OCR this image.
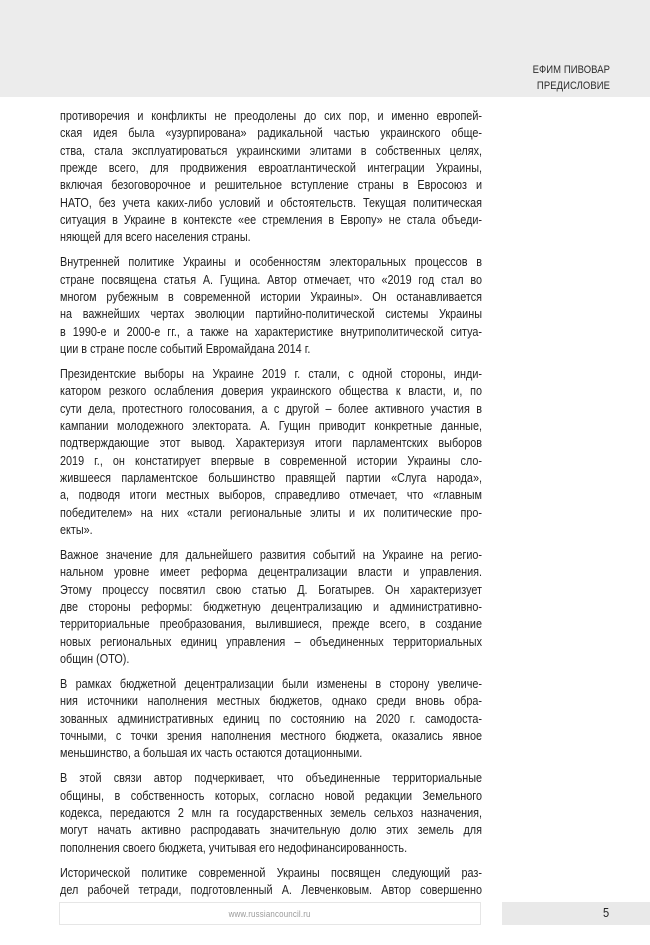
ЕФИМ ПИВОВАР
ПРЕДИСЛОВИЕ

противоречия и конфликты не преодолены до сих пор, и именно европей-
ская идея была «узурпирована» радикальной частью украинского обще-
ства, стала эксплуатироваться украинскими элитами в собственных целях,
прежде всего, для продвижения евроатлантической интеграции Украины,
включая безоговорочное и решительное вступление страны в Евросоюз и
НАТО, без учета каких-либо условий и обстоятельств. Текущая политическая
ситуация в Украине в контексте «ее стремления в Европу» не стала объеди-
няющей для всего населения страны.

Внутренней политике Украины и особенностям электоральных процессов в
стране посвящена статья А. Гущина. Автор отмечает, что «2019 год стал во
многом рубежным в современной истории Украины». Он останавливается
на важнейших чертах эволюции партийно-политической системы Украины
в 1990-е и 2000-е гг., а также на характеристике внутриполитической ситуа-
ции в стране после событий Евромайдана 2014 г.

Президентские выборы на Украине 2019 г. стали, с одной стороны, инди-
катором резкого ослабления доверия украинского общества к власти, и, по
сути дела, протестного голосования, а с другой – более активного участия в
кампании молодежного электората. А. Гущин приводит конкретные данные,
подтверждающие этот вывод. Характеризуя итоги парламентских выборов
2019 г., он констатирует впервые в современной истории Украины сло-
жившееся парламентское большинство правящей партии «Слуга народа»,
а, подводя итоги местных выборов, справедливо отмечает, что «главным
победителем» на них «стали региональные элиты и их политические про-
екты».

Важное значение для дальнейшего развития событий на Украине на регио-
нальном уровне имеет реформа децентрализации власти и управления.
Этому процессу посвятил свою статью Д. Богатырев. Он характеризует
две стороны реформы: бюджетную децентрализацию и административно-
территориальные преобразования, вылившиеся, прежде всего, в создание
новых региональных единиц управления – объединенных территориальных
общин (ОТО).

В рамках бюджетной децентрализации были изменены в сторону увеличе-
ния источники наполнения местных бюджетов, однако среди вновь обра-
зованных административных единиц по состоянию на 2020 г. самодоста-
точными, с точки зрения наполнения местного бюджета, оказались явное
меньшинство, а большая их часть остаются дотационными.

В этой связи автор подчеркивает, что объединенные территориальные
общины, в собственность которых, согласно новой редакции Земельного
кодекса, передаются 2 млн га государственных земель сельхоз назначения,
могут начать активно распродавать значительную долю этих земель для
пополнения своего бюджета, учитывая его недофинансированность.

Исторической политике современной Украины посвящен следующий раз-
дел рабочей тетради, подготовленный А. Левченковым. Автор совершенно

www.russiancouncil.ru	5
